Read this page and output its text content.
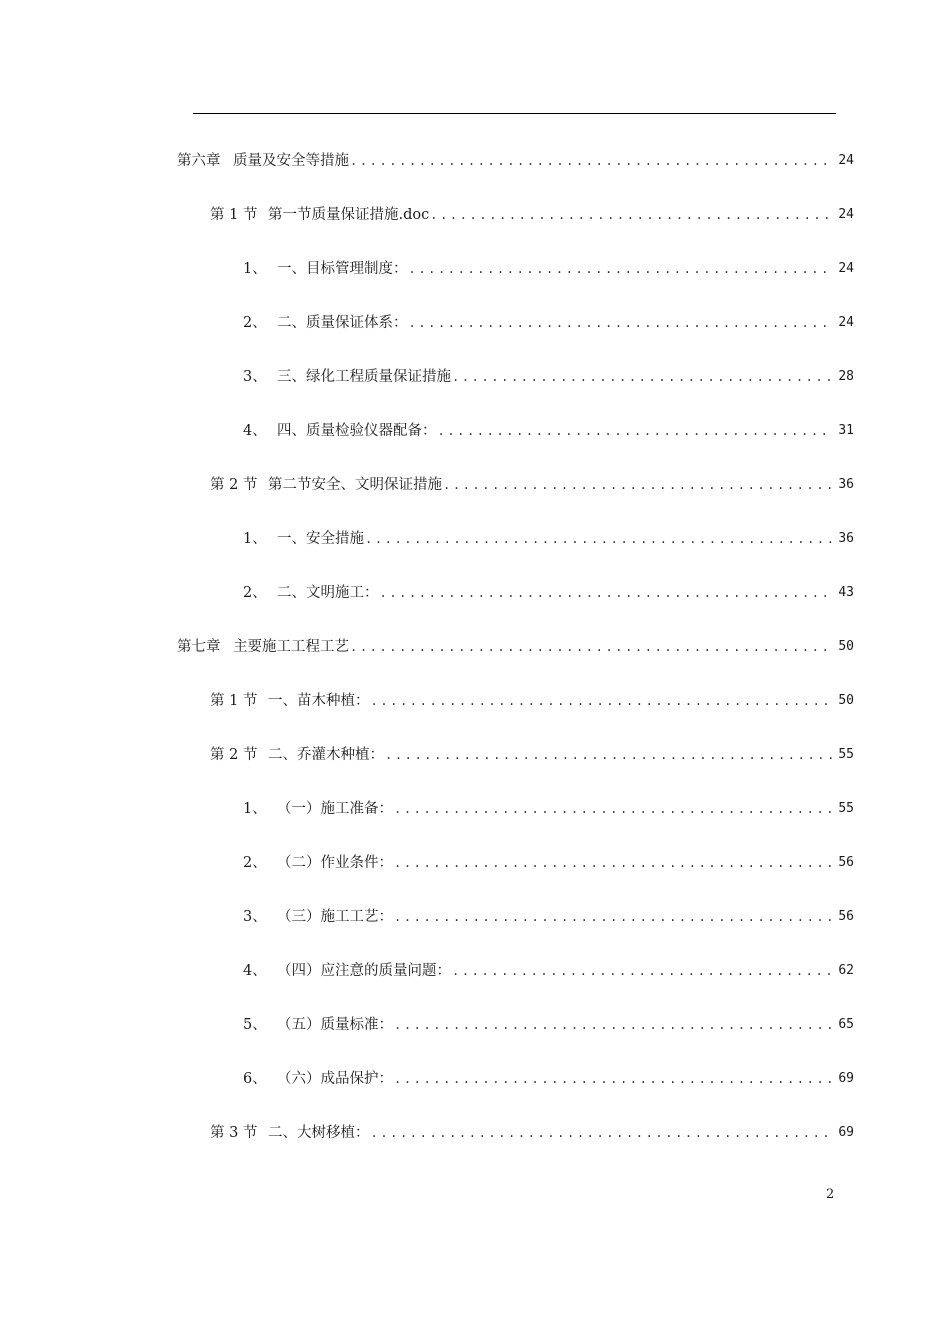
第六章 质量及安全等措施 .....	24
第 1 节 第一节质量保证措施.doc .....	24
1、 一、目标管理制度： .....	24
2、 二、质量保证体系： .....	24
3、 三、绿化工程质量保证措施 .....	28
4、 四、质量检验仪器配备： .....	31
第 2 节 第二节安全、文明保证措施 .....	36
1、 一、安全措施 .....	36
2、 二、文明施工： .....	43
第七章 主要施工工程工艺 .....	50
第 1 节 一、苗木种植： .....	50
第 2 节 二、乔灌木种植： .....	55
1、 （一）施工准备： .....	55
2、 （二）作业条件： .....	56
3、 （三）施工工艺： .....	56
4、 （四）应注意的质量问题： .....	62
5、 （五）质量标准： .....	65
6、 （六）成品保护： .....	69
第 3 节 二、大树移植： .....	69
2
